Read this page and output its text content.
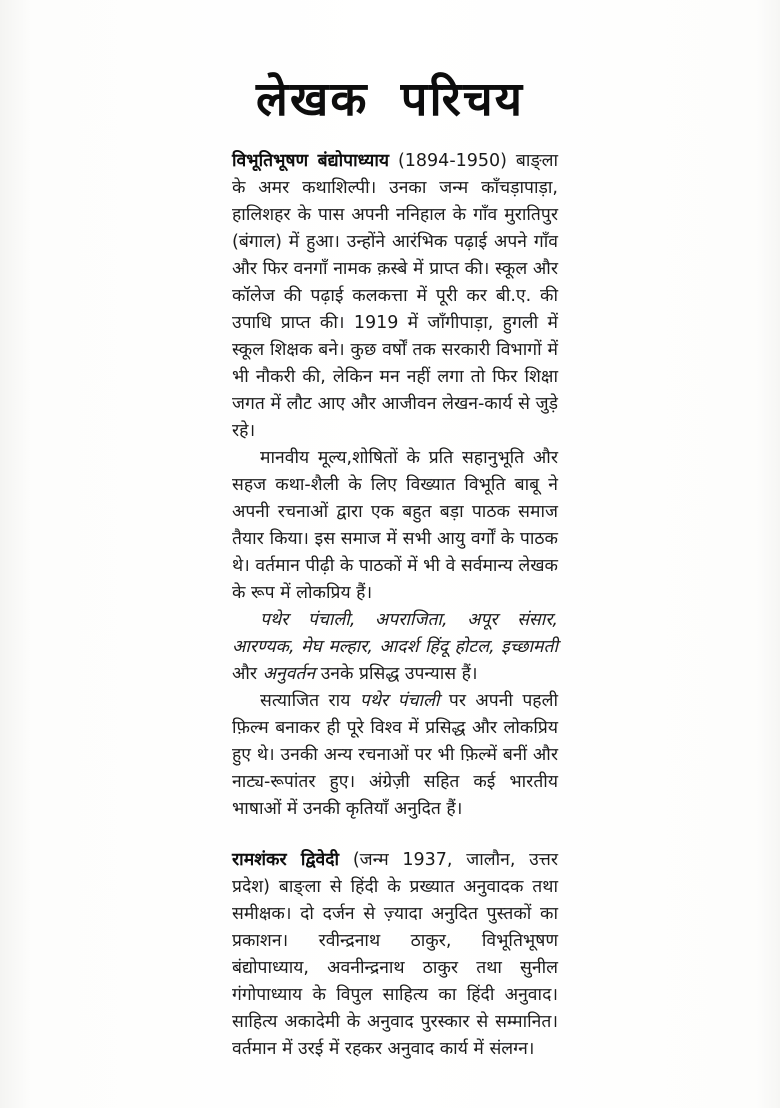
लेखक परिचय

विभूतिभूषण बंद्योपाध्याय (1894-1950) बाङ्ला के अमर कथाशिल्पी। उनका जन्म काँचड़ापाड़ा, हालिशहर के पास अपनी ननिहाल के गाँव मुरातिपुर (बंगाल) में हुआ। उन्होंने आरंभिक पढ़ाई अपने गाँव और फिर वनगाँ नामक क़स्बे में प्राप्त की। स्कूल और कॉलेज की पढ़ाई कलकत्ता में पूरी कर बी.ए. की उपाधि प्राप्त की। 1919 में जाँगीपाड़ा, हुगली में स्कूल शिक्षक बने। कुछ वर्षों तक सरकारी विभागों में भी नौकरी की, लेकिन मन नहीं लगा तो फिर शिक्षा जगत में लौट आए और आजीवन लेखन-कार्य से जुड़े रहे।

मानवीय मूल्य,शोषितों के प्रति सहानुभूति और सहज कथा-शैली के लिए विख्यात विभूति बाबू ने अपनी रचनाओं द्वारा एक बहुत बड़ा पाठक समाज तैयार किया। इस समाज में सभी आयु वर्गों के पाठक थे। वर्तमान पीढ़ी के पाठकों में भी वे सर्वमान्य लेखक के रूप में लोकप्रिय हैं।

पथेर पंचाली, अपराजिता, अपूर संसार, आरण्यक, मेघ मल्हार, आदर्श हिंदू होटल, इच्छामती और अनुवर्तन उनके प्रसिद्ध उपन्यास हैं।

सत्याजित राय पथेर पंचाली पर अपनी पहली फ़िल्म बनाकर ही पूरे विश्व में प्रसिद्ध और लोकप्रिय हुए थे। उनकी अन्य रचनाओं पर भी फ़िल्में बनीं और नाट्य-रूपांतर हुए। अंग्रेज़ी सहित कई भारतीय भाषाओं में उनकी कृतियाँ अनुदित हैं।

रामशंकर द्विवेदी (जन्म 1937, जालौन, उत्तर प्रदेश) बाङ्ला से हिंदी के प्रख्यात अनुवादक तथा समीक्षक। दो दर्जन से ज़्यादा अनुदित पुस्तकों का प्रकाशन। रवीन्द्रनाथ ठाकुर, विभूतिभूषण बंद्योपाध्याय, अवनीन्द्रनाथ ठाकुर तथा सुनील गंगोपाध्याय के विपुल साहित्य का हिंदी अनुवाद। साहित्य अकादेमी के अनुवाद पुरस्कार से सम्मानित। वर्तमान में उरई में रहकर अनुवाद कार्य में संलग्न।
